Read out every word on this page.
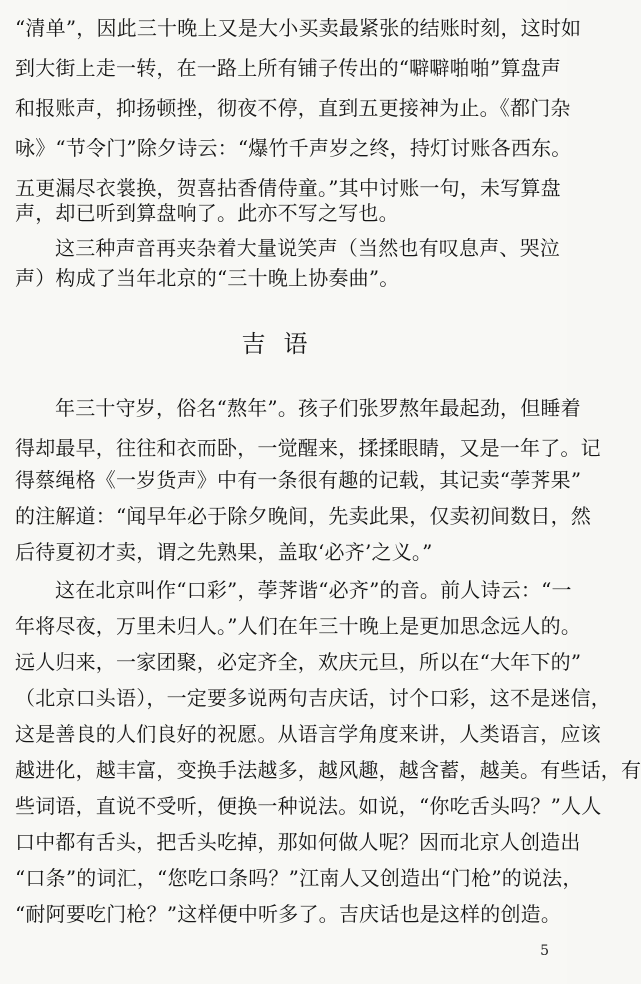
“清单”，因此三十晚上又是大小买卖最紧张的结账时刻，这时如
到大街上走一转，在一路上所有铺子传出的“噼噼啪啪”算盘声
和报账声，抑扬顿挫，彻夜不停，直到五更接神为止。《都门杂
咏》“节令门”除夕诗云：“爆竹千声岁之终，持灯讨账各西东。
五更漏尽衣裳换，贺喜拈香倩侍童。”其中讨账一句，未写算盘
声，却已听到算盘响了。此亦不写之写也。
这三种声音再夹杂着大量说笑声（当然也有叹息声、哭泣
声）构成了当年北京的“三十晚上协奏曲”。
吉语
年三十守岁，俗名“熬年”。孩子们张罗熬年最起劲，但睡着
得却最早，往往和衣而卧，一觉醒来，揉揉眼睛，又是一年了。记
得蔡绳格《一岁货声》中有一条很有趣的记载，其记卖“荸荠果”
的注解道：“闻早年必于除夕晚间，先卖此果，仅卖初间数日，然
后待夏初才卖，谓之先熟果，盖取‘必齐’之义。”
这在北京叫作“口彩”，荸荠谐“必齐”的音。前人诗云：“一
年将尽夜，万里未归人。”人们在年三十晚上是更加思念远人的。
远人归来，一家团聚，必定齐全，欢庆元旦，所以在“大年下的”
（北京口头语），一定要多说两句吉庆话，讨个口彩，这不是迷信，
这是善良的人们良好的祝愿。从语言学角度来讲，人类语言，应该
越进化，越丰富，变换手法越多，越风趣，越含蓄，越美。有些话，有
些词语，直说不受听，便换一种说法。如说，“你吃舌头吗？”人人
口中都有舌头，把舌头吃掉，那如何做人呢？因而北京人创造出
“口条”的词汇，“您吃口条吗？”江南人又创造出“门枪”的说法，
“耐阿要吃门枪？”这样便中听多了。吉庆话也是这样的创造。
5
